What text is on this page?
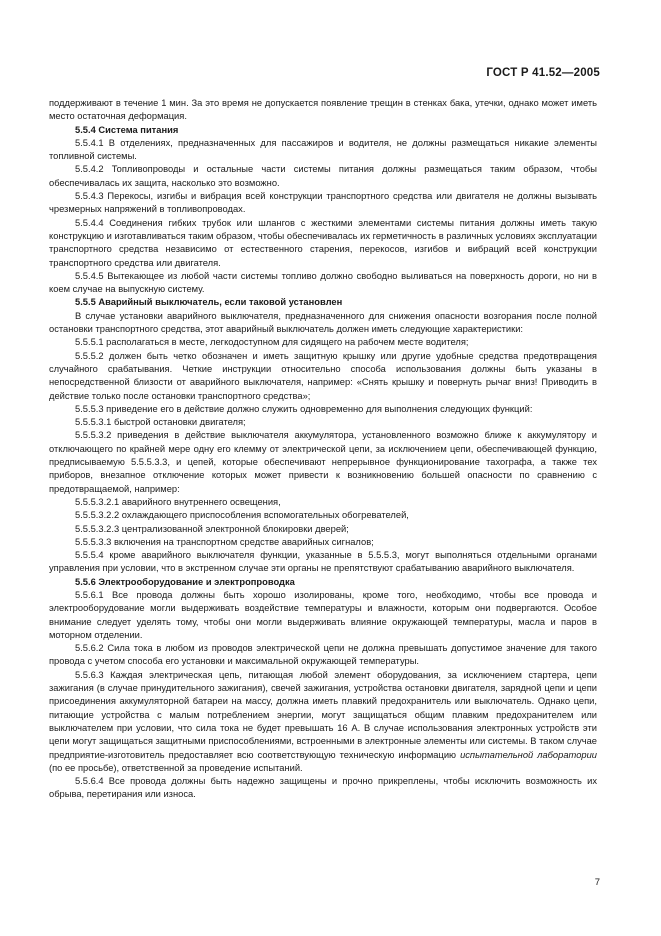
ГОСТ Р 41.52—2005

поддерживают в течение 1 мин. За это время не допускается появление трещин в стенках бака, утечки, однако может иметь место остаточная деформация.

5.5.4 Система питания

5.5.4.1 В отделениях, предназначенных для пассажиров и водителя, не должны размещаться никакие элементы топливной системы.

5.5.4.2 Топливопроводы и остальные части системы питания должны размещаться таким образом, чтобы обеспечивалась их защита, насколько это возможно.

5.5.4.3 Перекосы, изгибы и вибрация всей конструкции транспортного средства или двигателя не должны вызывать чрезмерных напряжений в топливопроводах.

5.5.4.4 Соединения гибких трубок или шлангов с жесткими элементами системы питания должны иметь такую конструкцию и изготавливаться таким образом, чтобы обеспечивалась их герметичность в различных условиях эксплуатации транспортного средства независимо от естественного старения, перекосов, изгибов и вибраций всей конструкции транспортного средства или двигателя.

5.5.4.5 Вытекающее из любой части системы топливо должно свободно выливаться на поверхность дороги, но ни в коем случае на выпускную систему.

5.5.5 Аварийный выключатель, если таковой установлен

В случае установки аварийного выключателя, предназначенного для снижения опасности возгорания после полной остановки транспортного средства, этот аварийный выключатель должен иметь следующие характеристики:

5.5.5.1 располагаться в месте, легкодоступном для сидящего на рабочем месте водителя;

5.5.5.2 должен быть четко обозначен и иметь защитную крышку или другие удобные средства предотвращения случайного срабатывания. Четкие инструкции относительно способа использования должны быть указаны в непосредственной близости от аварийного выключателя, например: «Снять крышку и повернуть рычаг вниз! Приводить в действие только после остановки транспортного средства»;

5.5.5.3 приведение его в действие должно служить одновременно для выполнения следующих функций:

5.5.5.3.1 быстрой остановки двигателя;

5.5.5.3.2 приведения в действие выключателя аккумулятора, установленного возможно ближе к аккумулятору и отключающего по крайней мере одну его клемму от электрической цепи, за исключением цепи, обеспечивающей функцию, предписываемую 5.5.5.3.3, и цепей, которые обеспечивают непрерывное функционирование тахографа, а также тех приборов, внезапное отключение которых может привести к возникновению большей опасности по сравнению с предотвращаемой, например:

5.5.5.3.2.1 аварийного внутреннего освещения,

5.5.5.3.2.2 охлаждающего приспособления вспомогательных обогревателей,

5.5.5.3.2.3 централизованной электронной блокировки дверей;

5.5.5.3.3 включения на транспортном средстве аварийных сигналов;

5.5.5.4 кроме аварийного выключателя функции, указанные в 5.5.5.3, могут выполняться отдельными органами управления при условии, что в экстренном случае эти органы не препятствуют срабатыванию аварийного выключателя.

5.5.6 Электрооборудование и электропроводка

5.5.6.1 Все провода должны быть хорошо изолированы, кроме того, необходимо, чтобы все провода и электрооборудование могли выдерживать воздействие температуры и влажности, которым они подвергаются. Особое внимание следует уделять тому, чтобы они могли выдерживать влияние окружающей температуры, масла и паров в моторном отделении.

5.5.6.2 Сила тока в любом из проводов электрической цепи не должна превышать допустимое значение для такого провода с учетом способа его установки и максимальной окружающей температуры.

5.5.6.3 Каждая электрическая цепь, питающая любой элемент оборудования, за исключением стартера, цепи зажигания (в случае принудительного зажигания), свечей зажигания, устройства остановки двигателя, зарядной цепи и цепи присоединения аккумуляторной батареи на массу, должна иметь плавкий предохранитель или выключатель. Однако цепи, питающие устройства с малым потреблением энергии, могут защищаться общим плавким предохранителем или выключателем при условии, что сила тока не будет превышать 16 А. В случае использования электронных устройств эти цепи могут защищаться защитными приспособлениями, встроенными в электронные элементы или системы. В таком случае предприятие-изготовитель предоставляет всю соответствующую техническую информацию испытательной лаборатории (по ее просьбе), ответственной за проведение испытаний.

5.5.6.4 Все провода должны быть надежно защищены и прочно прикреплены, чтобы исключить возможность их обрыва, перетирания или износа.

7
